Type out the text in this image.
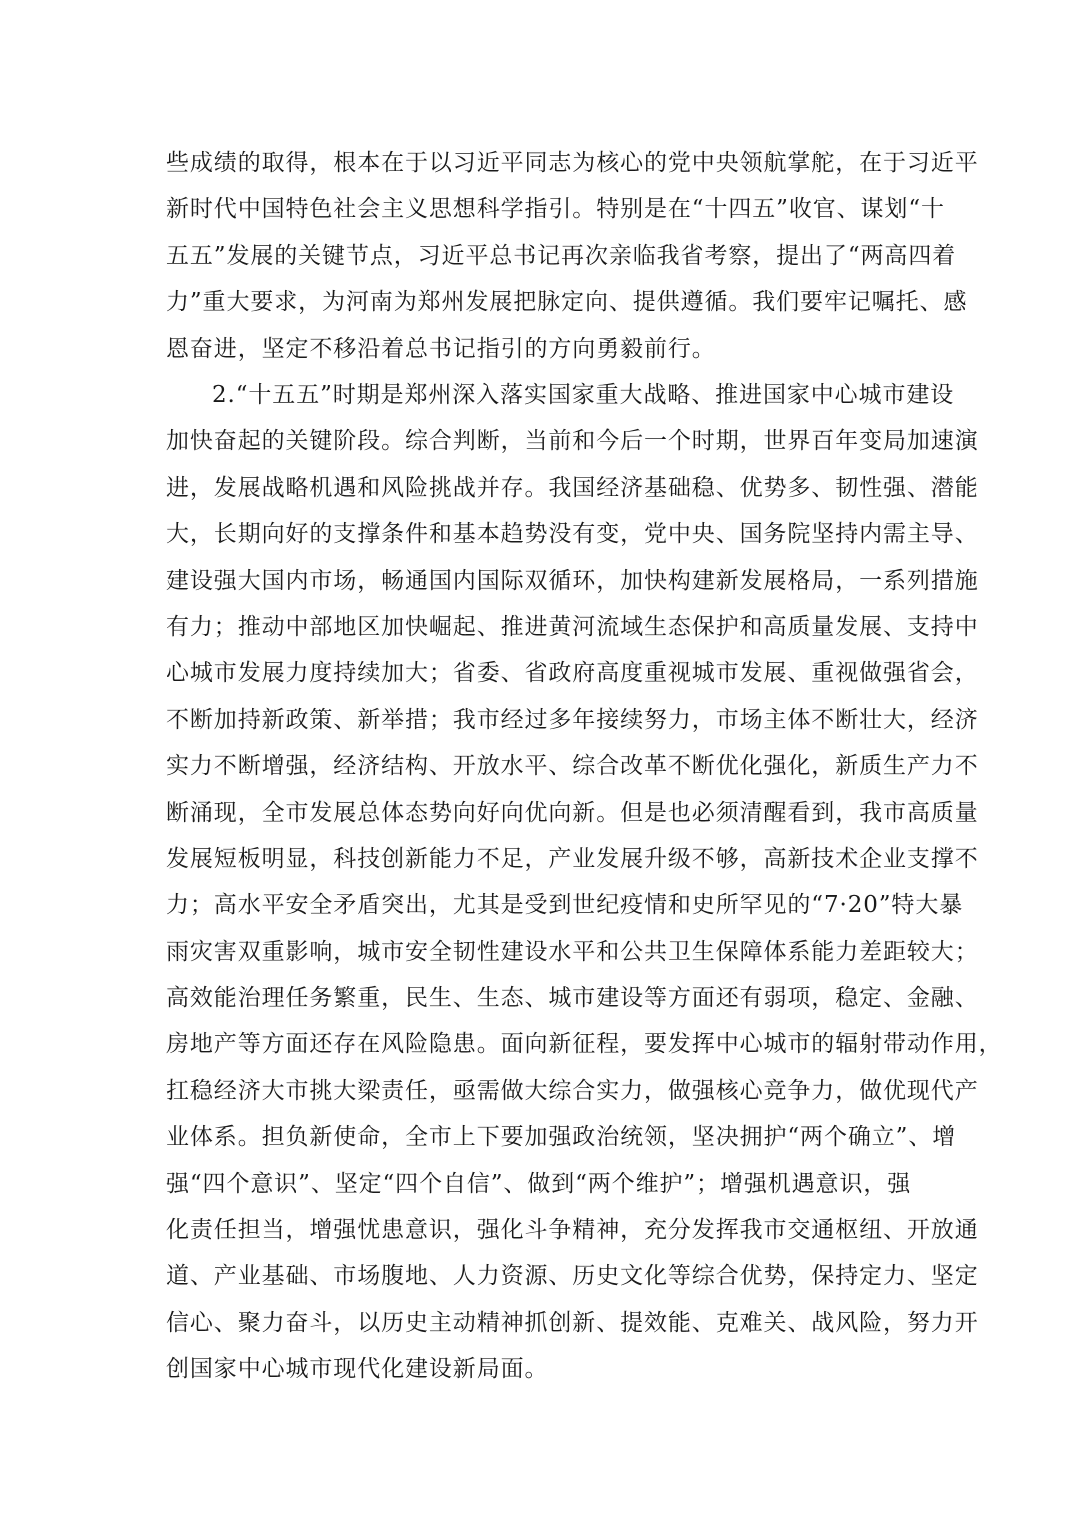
些成绩的取得，根本在于以习近平同志为核心的党中央领航掌舵，在于习近平
新时代中国特色社会主义思想科学指引。特别是在“十四五”收官、谋划“十
五五”发展的关键节点，习近平总书记再次亲临我省考察，提出了“两高四着
力”重大要求，为河南为郑州发展把脉定向、提供遵循。我们要牢记嘱托、感
恩奋进，坚定不移沿着总书记指引的方向勇毅前行。
2.“十五五”时期是郑州深入落实国家重大战略、推进国家中心城市建设
加快奋起的关键阶段。综合判断，当前和今后一个时期，世界百年变局加速演
进，发展战略机遇和风险挑战并存。我国经济基础稳、优势多、韧性强、潜能
大，长期向好的支撑条件和基本趋势没有变，党中央、国务院坚持内需主导、
建设强大国内市场，畅通国内国际双循环，加快构建新发展格局，一系列措施
有力；推动中部地区加快崛起、推进黄河流域生态保护和高质量发展、支持中
心城市发展力度持续加大；省委、省政府高度重视城市发展、重视做强省会，
不断加持新政策、新举措；我市经过多年接续努力，市场主体不断壮大，经济
实力不断增强，经济结构、开放水平、综合改革不断优化强化，新质生产力不
断涌现，全市发展总体态势向好向优向新。但是也必须清醒看到，我市高质量
发展短板明显，科技创新能力不足，产业发展升级不够，高新技术企业支撑不
力；高水平安全矛盾突出，尤其是受到世纪疫情和史所罕见的“7·20”特大暴
雨灾害双重影响，城市安全韧性建设水平和公共卫生保障体系能力差距较大；
高效能治理任务繁重，民生、生态、城市建设等方面还有弱项，稳定、金融、
房地产等方面还存在风险隐患。面向新征程，要发挥中心城市的辐射带动作用，
扛稳经济大市挑大梁责任，亟需做大综合实力，做强核心竞争力，做优现代产
业体系。担负新使命，全市上下要加强政治统领，坚决拥护“两个确立”、增
强“四个意识”、坚定“四个自信”、做到“两个维护”；增强机遇意识，强
化责任担当，增强忧患意识，强化斗争精神，充分发挥我市交通枢纽、开放通
道、产业基础、市场腹地、人力资源、历史文化等综合优势，保持定力、坚定
信心、聚力奋斗，以历史主动精神抓创新、提效能、克难关、战风险，努力开
创国家中心城市现代化建设新局面。
